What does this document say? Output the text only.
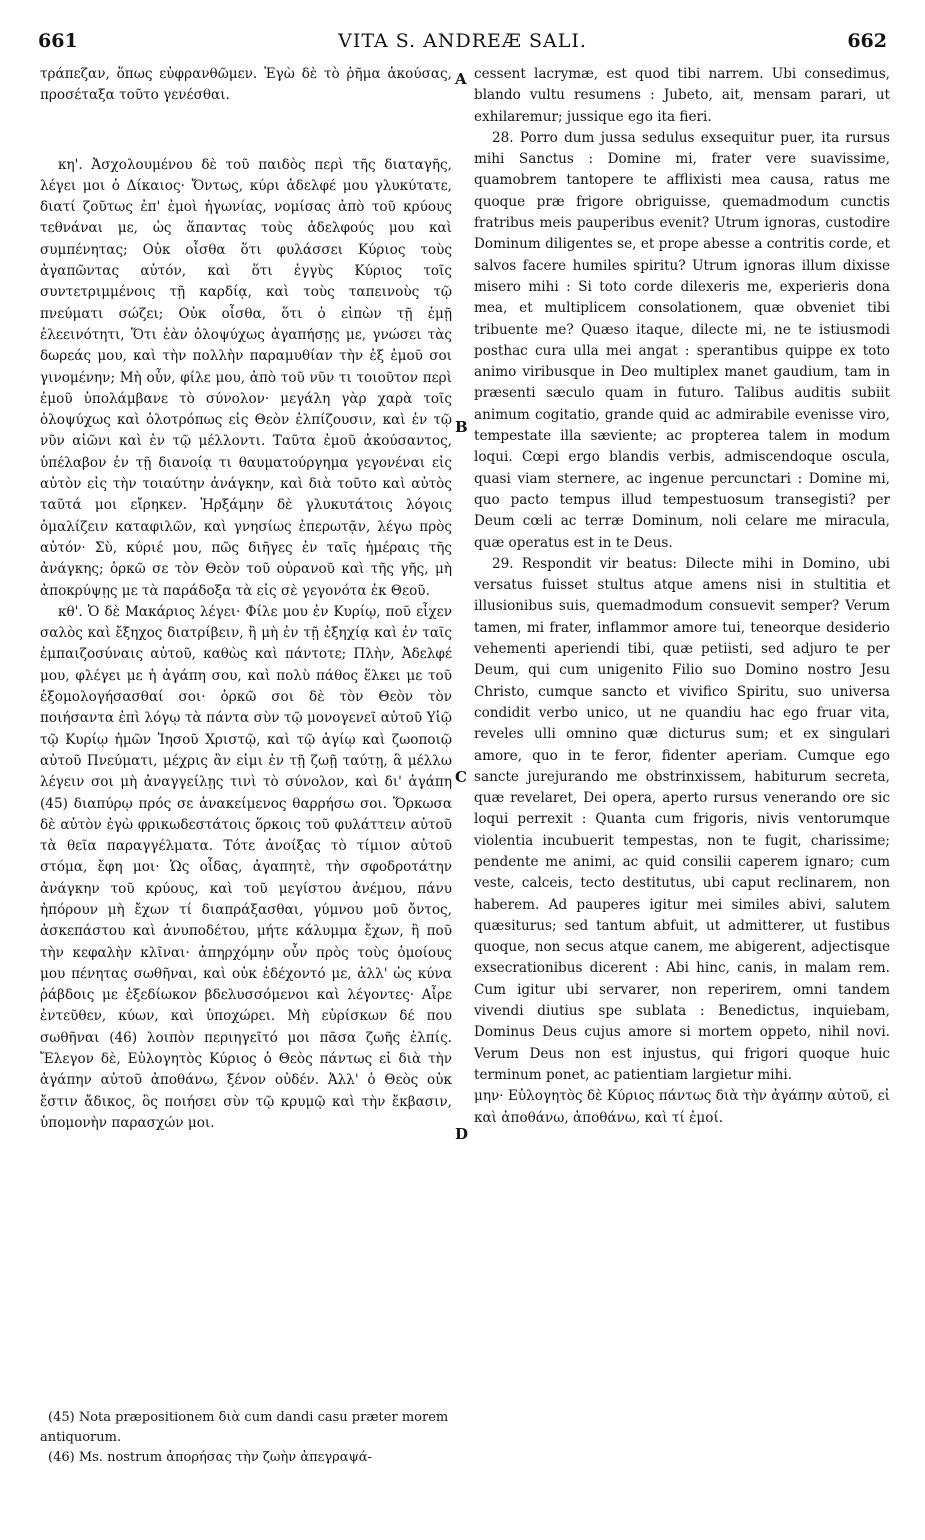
661	VITA S. ANDREÆ SALI.	662

τράπεζαν, ὅπως εὐφρανθῶμεν. Ἐγὼ δὲ τὸ ῥῆμα ἀκούσας, προσέταξα τοῦτο γενέσθαι.

κη'. Ἀσχολουμένου δὲ τοῦ παιδὸς περὶ τῆς διαταγῆς, λέγει μοι ὁ Δίκαιος· Ὄντως, κύρι ἀδελφέ μου γλυκύτατε, διατί ζοῦτως ἐπ' ἐμοὶ ἠγωνίας, νομίσας ἀπὸ τοῦ κρύους τεθνάναι με, ὡς ἅπαντας τοὺς ἀδελφούς μου καὶ συμπένητας; Οὐκ οἶσθα ὅτι φυλάσσει Κύριος τοὺς ἀγαπῶντας αὐτόν, καὶ ὅτι ἐγγὺς Κύριος τοῖς συντετριμμένοις τῇ καρδίᾳ, καὶ τοὺς ταπεινοὺς τῷ πνεύματι σώζει; Οὐκ οἶσθα, ὅτι ὁ εἰπὼν τῇ ἐμῇ ἐλεεινότητι, Ὅτι ἐὰν ὁλοψύχως ἀγαπήσῃς με, γνώσει τὰς δωρεάς μου, καὶ τὴν πολλὴν παραμυθίαν τὴν ἐξ ἐμοῦ σοι γινομένην; Μὴ οὖν, φίλε μου, ἀπὸ τοῦ νῦν τι τοιοῦτον περὶ ἐμοῦ ὑπολάμβανε τὸ σύνολον· μεγάλη γὰρ χαρὰ τοῖς ὁλοψύχως καὶ ὁλοτρόπως εἰς Θεὸν ἐλπίζουσιν, καὶ ἐν τῷ νῦν αἰῶνι καὶ ἐν τῷ μέλλοντι. Ταῦτα ἐμοῦ ἀκούσαντος, ὑπέλαβον ἐν τῇ διανοίᾳ τι θαυματούργημα γεγονέναι εἰς αὐτὸν εἰς τὴν τοιαύτην ἀνάγκην, καὶ διὰ τοῦτο καὶ αὐτὸς ταῦτά μοι εἴρηκεν. Ἠρξάμην δὲ γλυκυτάτοις λόγοις ὁμαλίζειν καταφιλῶν, καὶ γνησίως ἐπερωτᾷν, λέγω πρὸς αὐτόν· Σὺ, κύριέ μου, πῶς διῆγες ἐν ταῖς ἡμέραις τῆς ἀνάγκης; ὁρκῶ σε τὸν Θεὸν τοῦ οὐρανοῦ καὶ τῆς γῆς, μὴ ἀποκρύψῃς με τὰ παράδοξα τὰ εἰς σὲ γεγονότα ἐκ Θεοῦ.

κθ'. Ὁ δὲ Μακάριος λέγει· Φίλε μου ἐν Κυρίῳ, ποῦ εἶχεν σαλὸς καὶ ἔξηχος διατρίβειν, ἢ μὴ ἐν τῇ ἐξηχίᾳ καὶ ἐν ταῖς ἐμπαιζοσύναις αὐτοῦ, καθὼς καὶ πάντοτε; Πλὴν, Ἀδελφέ μου, φλέγει με ἡ ἀγάπη σου, καὶ πολὺ πάθος ἕλκει με τοῦ ἐξομολογήσασθαί σοι· ὁρκῶ σοι δὲ τὸν Θεὸν τὸν ποιήσαντα ἐπὶ λόγῳ τὰ πάντα σὺν τῷ μονογενεῖ αὐτοῦ Υἱῷ τῷ Κυρίῳ ἡμῶν Ἰησοῦ Χριστῷ, καὶ τῷ ἁγίῳ καὶ ζωοποιῷ αὐτοῦ Πνεύματι, μέχρις ἂν εἰμι ἐν τῇ ζωῇ ταύτῃ, ἃ μέλλω λέγειν σοι μὴ ἀναγγείλῃς τινὶ τὸ σύνολον, καὶ δι' ἀγάπη (45) διαπύρῳ πρός σε ἀνακείμενος θαρρήσω σοι. Ὅρκωσα δὲ αὐτὸν ἐγὼ φρικωδεστάτοις ὅρκοις τοῦ φυλάττειν αὐτοῦ τὰ θεῖα παραγγέλματα. Τότε ἀνοίξας τὸ τίμιον αὐτοῦ στόμα, ἔφη μοι· Ὡς οἶδας, ἀγαπητὲ, τὴν σφοδροτάτην ἀνάγκην τοῦ κρύους, καὶ τοῦ μεγίστου ἀνέμου, πάνυ ἠπόρουν μὴ ἔχων τί διαπράξασθαι, γύμνου μοῦ ὄντος, ἀσκεπάστου καὶ ἀνυποδέτου, μήτε κάλυμμα ἔχων, ἢ ποῦ τὴν κεφαλὴν κλῖναι· ἀπηρχόμην οὖν πρὸς τοὺς ὁμοίους μου πένητας σωθῆναι, καὶ οὐκ ἐδέχοντό με, ἀλλ' ὡς κύνα ῥάβδοις με ἐξεδίωκον βδελυσσόμενοι καὶ λέγοντες· Αἶρε ἐντεῦθεν, κύων, καὶ ὑποχώρει. Μὴ εὑρίσκων δέ που σωθῆναι (46) λοιπὸν περιηγεῖτό μοι πᾶσα ζωῆς ἐλπίς. Ἔλεγον δὲ, Εὐλογητὸς Κύριος ὁ Θεὸς πάντως εἰ διὰ τὴν ἀγάπην αὐτοῦ ἀποθάνω, ξένον οὐδέν. Ἀλλ' ὁ Θεὸς οὐκ ἔστιν ἄδικος, ὃς ποιήσει σὺν τῷ κρυμῷ καὶ τὴν ἔκβασιν, ὑπομονὴν παρασχών μοι.

cessent lacrymæ, est quod tibi narrem. Ubi consedimus, blando vultu resumens : Jubeto, ait, mensam parari, ut exhilaremur; jussique ego ita fieri.

28. Porro dum jussa sedulus exsequitur puer, ita rursus mihi Sanctus : Domine mi, frater vere suavissime, quamobrem tantopere te afflixisti mea causa, ratus me quoque præ frigore obriguisse, quemadmodum cunctis fratribus meis pauperibus evenit? Utrum ignoras, custodire Dominum diligentes se, et prope abesse a contritis corde, et salvos facere humiles spiritu? Utrum ignoras illum dixisse misero mihi : Si toto corde dilexeris me, experieris dona mea, et multiplicem consolationem, quæ obveniet tibi tribuente me? Quæso itaque, dilecte mi, ne te istiusmodi posthac cura ulla mei angat : sperantibus quippe ex toto animo viribusque in Deo multiplex manet gaudium, tam in præsenti sæculo quam in futuro. Talibus auditis subiit animum cogitatio, grande quid ac admirabile evenisse viro, tempestate illa sæviente; ac propterea talem in modum loqui. Cœpi ergo blandis verbis, admiscendoque oscula, quasi viam sternere, ac ingenue percunctari : Domine mi, quo pacto tempus illud tempestuosum transegisti? per Deum cœli ac terræ Dominum, noli celare me miracula, quæ operatus est in te Deus.

29. Respondit vir beatus: Dilecte mihi in Domino, ubi versatus fuisset stultus atque amens nisi in stultitia et illusionibus suis, quemadmodum consuevit semper? Verum tamen, mi frater, inflammor amore tui, teneorque desiderio vehementi aperiendi tibi, quæ petiisti, sed adjuro te per Deum, qui cum unigenito Filio suo Domino nostro Jesu Christo, cumque sancto et vivifico Spiritu, suo universa condidit verbo unico, ut ne quandiu hac ego fruar vita, reveles ulli omnino quæ dicturus sum; et ex singulari amore, quo in te feror, fidenter aperiam. Cumque ego sancte jurejurando me obstrinxissem, habiturum secreta, quæ revelaret, Dei opera, aperto rursus venerando ore sic loqui perrexit : Quanta cum frigoris, nivis ventorumque violentia incubuerit tempestas, non te fugit, charissime; pendente me animi, ac quid consilii caperem ignaro; cum veste, calceis, tecto destitutus, ubi caput reclinarem, non haberem. Ad pauperes igitur mei similes abivi, salutem quæsiturus; sed tantum abfuit, ut admitterer, ut fustibus quoque, non secus atque canem, me abigerent, adjectisque exsecrationibus dicerent : Abi hinc, canis, in malam rem. Cum igitur ubi servarer, non reperirem, omni tandem vivendi diutius spe sublata : Benedictus, inquiebam, Dominus Deus cujus amore si mortem oppeto, nihil novi. Verum Deus non est injustus, qui frigori quoque huic terminum ponet, ac patientiam largietur mihi.

μην· Εὐλογητὸς δὲ Κύριος πάντως διὰ τὴν ἀγάπην αὐτοῦ, εἰ καὶ ἀποθάνω, ἀποθάνω, καὶ τί ἐμοί.

A
B
C
D

(45) Nota præpositionem διὰ cum dandi casu præter morem antiquorum.

(46) Ms. nostrum ἀπορήσας τὴν ζωὴν ἀπεγραψά-
